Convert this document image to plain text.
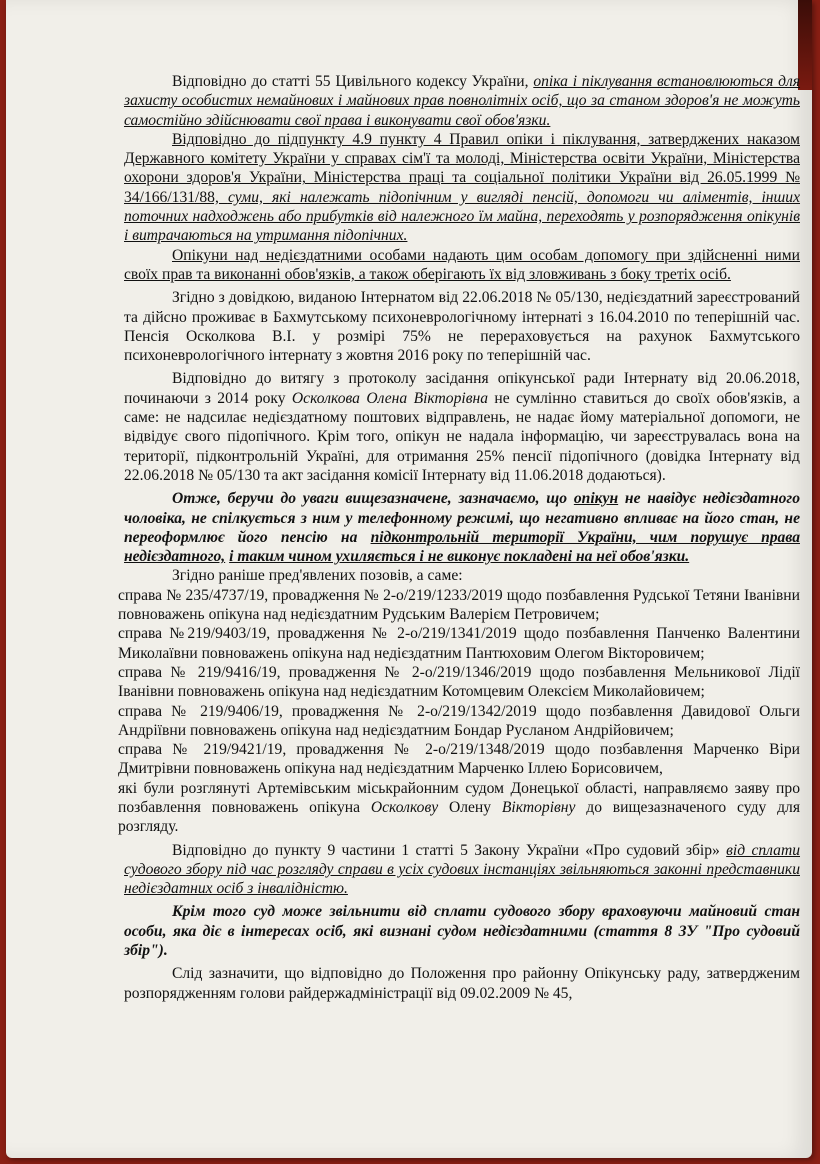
Відповідно до статті 55 Цивільного кодексу України, опіка і піклування встановлюються для захисту особистих немайнових і майнових прав повнолітніх осіб, що за станом здоров'я не можуть самостійно здійснювати свої права і виконувати свої обов'язки.

Відповідно до підпункту 4.9 пункту 4 Правил опіки і піклування, затверджених наказом Державного комітету України у справах сім'ї та молоді, Міністерства освіти України, Міністерства охорони здоров'я України, Міністерства праці та соціальної політики України від 26.05.1999 № 34/166/131/88, суми, які належать підопічним у вигляді пенсій, допомоги чи аліментів, інших поточних надходжень або прибутків від належного їм майна, переходять у розпорядження опікунів і витрачаються на утримання підопічних.

Опікуни над недієздатними особами надають цим особам допомогу при здійсненні ними своїх прав та виконанні обов'язків, а також оберігають їх від зловживань з боку третіх осіб.

Згідно з довідкою, виданою Інтернатом від 22.06.2018 № 05/130, недієздатний зареєстрований та дійсно проживає в Бахмутському психоневрологічному інтернаті з 16.04.2010 по теперішній час. Пенсія Осколкова В.І. у розмірі 75% не перераховується на рахунок Бахмутського психоневрологічного інтернату з жовтня 2016 року по теперішній час.

Відповідно до витягу з протоколу засідання опікунської ради Інтернату від 20.06.2018, починаючи з 2014 року Осколкова Олена Вікторівна не сумлінно ставиться до своїх обов'язків, а саме: не надсилає недієздатному поштових відправлень, не надає йому матеріальної допомоги, не відвідує свого підопічного. Крім того, опікун не надала інформацію, чи зареєструвалась вона на території, підконтрольній Україні, для отримання 25% пенсії підопічного (довідка Інтернату від 22.06.2018 № 05/130 та акт засідання комісії Інтернату від 11.06.2018 додаються).

Отже, беручи до уваги вищезазначене, зазначаємо, що опікун не навідує недієздатного чоловіка, не спілкується з ним у телефонному режимі, що негативно впливає на його стан, не переоформлює його пенсію на підконтрольній території України, чим порушує права недієздатного, і таким чином ухиляється і не виконує покладені на неї обов'язки.

Згідно раніше пред'явлених позовів, а саме:

справа № 235/4737/19, провадження № 2-о/219/1233/2019 щодо позбавлення Рудської Тетяни Іванівни повноважень опікуна над недієздатним Рудським Валерієм Петровичем;

справа №219/9403/19, провадження № 2-о/219/1341/2019 щодо позбавлення Панченко Валентини Миколаївни повноважень опікуна над недієздатним Пантюховим Олегом Вікторовичем;

справа № 219/9416/19, провадження № 2-о/219/1346/2019 щодо позбавлення Мельникової Лідії Іванівни повноважень опікуна над недієздатним Котомцевим Олексієм Миколайовичем;

справа № 219/9406/19, провадження № 2-о/219/1342/2019 щодо позбавлення Давидової Ольги Андріївни повноважень опікуна над недієздатним Бондар Русланом Андрійовичем;

справа № 219/9421/19, провадження № 2-о/219/1348/2019 щодо позбавлення Марченко Віри Дмитрівни повноважень опікуна над недієздатним Марченко Іллею Борисовичем,

які були розглянуті Артемівським міськрайонним судом Донецької області, направляємо заяву про позбавлення повноважень опікуна Осколкову Олену Вікторівну до вищезазначеного суду для розгляду.

Відповідно до пункту 9 частини 1 статті 5 Закону України «Про судовий збір» від сплати судового збору під час розгляду справи в усіх судових інстанціях звільняються законні представники недієздатних осіб з інвалідністю.

Крім того суд може звільнити від сплати судового збору враховуючи майновий стан особи, яка діє в інтересах осіб, які визнані судом недієздатними (стаття 8 ЗУ "Про судовий збір").

Слід зазначити, що відповідно до Положення про районну Опікунську раду, затвердженим розпорядженням голови райдержадміністрації від 09.02.2009 № 45,
